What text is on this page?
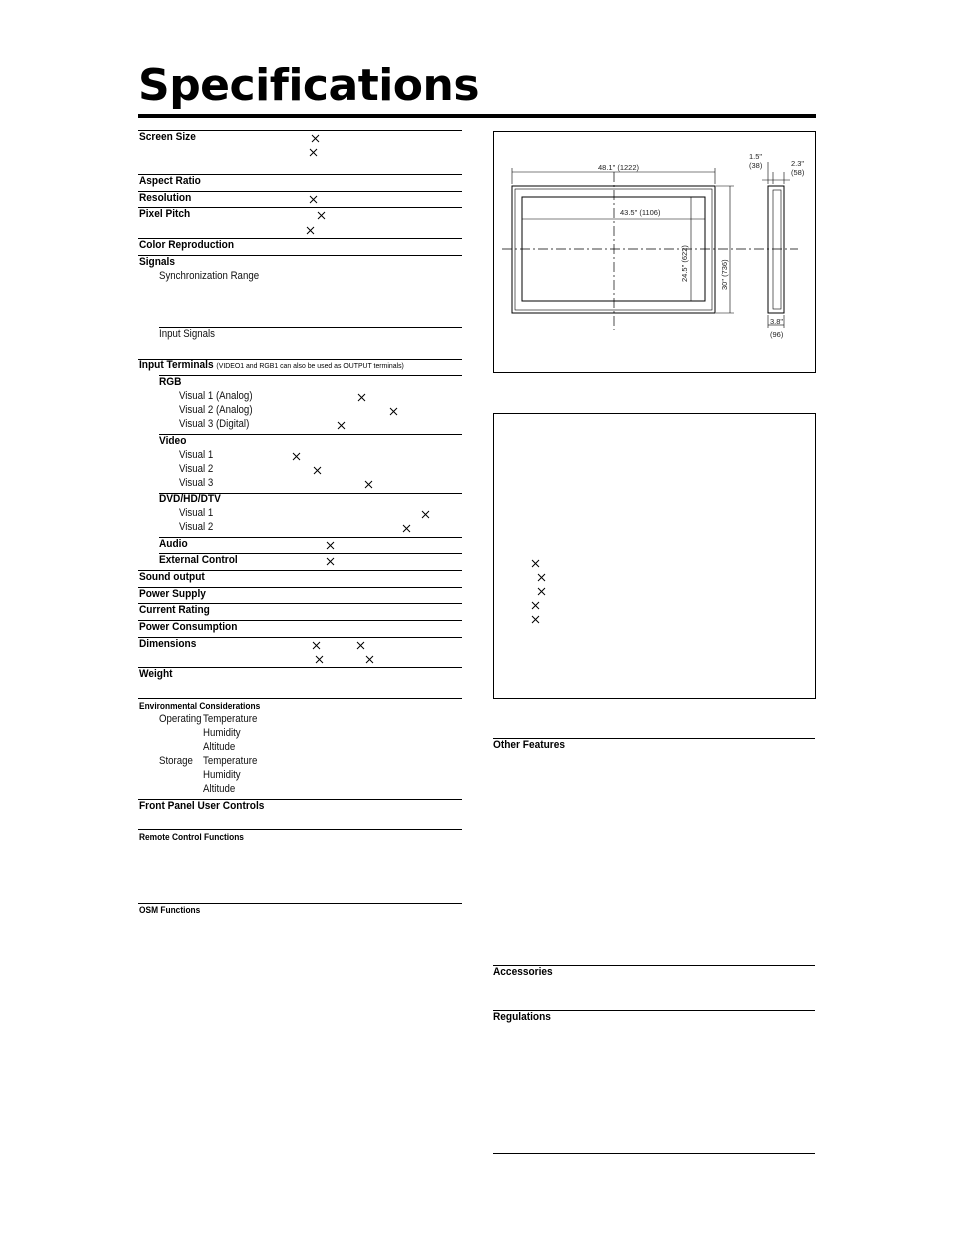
Specifications
Screen Size
Aspect Ratio
Resolution
Pixel Pitch
Color Reproduction
Signals
Synchronization Range
Input Signals
Input Terminals (VIDEO1 and RGB1 can also be used as OUTPUT terminals)
RGB
Visual 1 (Analog)
Visual 2 (Analog)
Visual 3 (Digital)
Video
Visual 1
Visual 2
Visual 3
DVD/HD/DTV
Visual 1
Visual 2
Audio
External Control
Sound output
Power Supply
Current Rating
Power Consumption
Dimensions
Weight
Environmental Considerations
Operating Temperature
Humidity
Altitude
Storage Temperature
Humidity
Altitude
Front Panel User Controls
Remote Control Functions
OSM Functions
48.1" (1222)
43.5" (1106)
24.5" (622)	30" (736)
1.5"
(38)	2.3"
(58)
3.8"
(96)
Other Features
Accessories
Regulations
